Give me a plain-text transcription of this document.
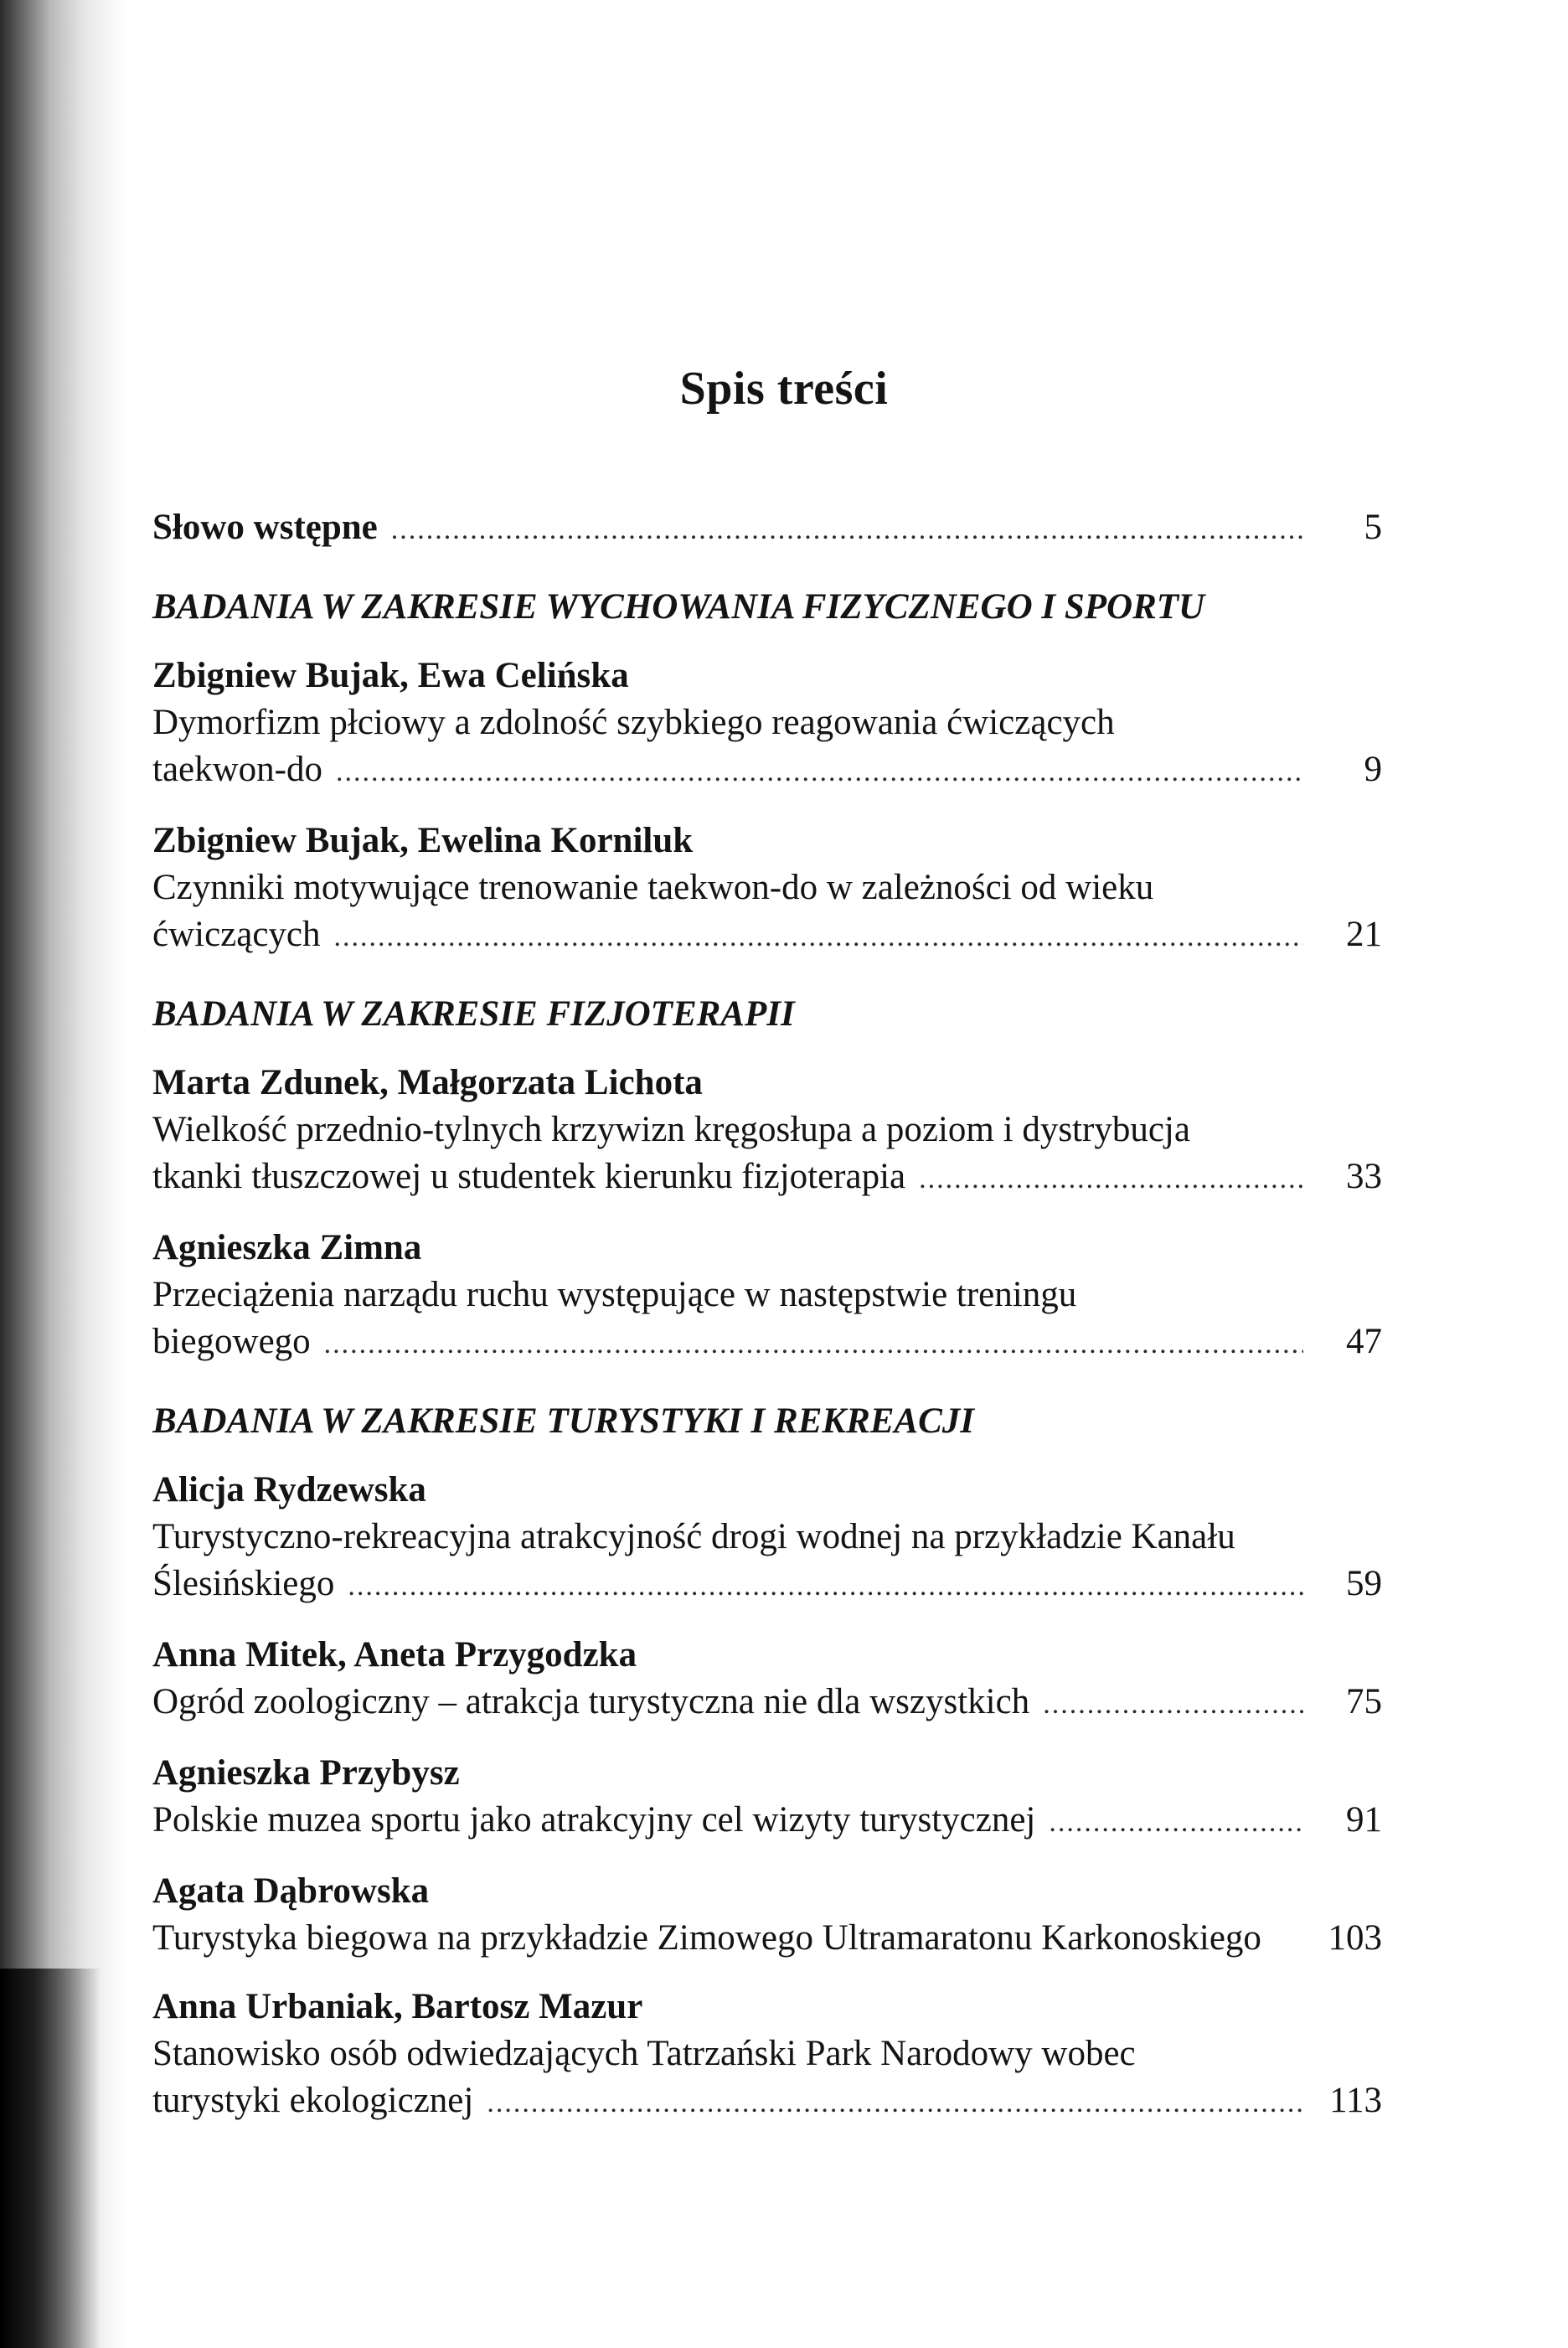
Spis treści
Słowo wstępne .....	5
BADANIA W ZAKRESIE WYCHOWANIA FIZYCZNEGO I SPORTU
Zbigniew Bujak, Ewa Celińska
Dymorfizm płciowy a zdolność szybkiego reagowania ćwiczących
taekwon-do .....	9
Zbigniew Bujak, Ewelina Korniluk
Czynniki motywujące trenowanie taekwon-do w zależności od wieku
ćwiczących .....	21
BADANIA W ZAKRESIE FIZJOTERAPII
Marta Zdunek, Małgorzata Lichota
Wielkość przednio-tylnych krzywizn kręgosłupa a poziom i dystrybucja
tkanki tłuszczowej u studentek kierunku fizjoterapia .....	33
Agnieszka Zimna
Przeciążenia narządu ruchu występujące w następstwie treningu
biegowego .....	47
BADANIA W ZAKRESIE TURYSTYKI I REKREACJI
Alicja Rydzewska
Turystyczno-rekreacyjna atrakcyjność drogi wodnej na przykładzie Kanału
Ślesińskiego .....	59
Anna Mitek, Aneta Przygodzka
Ogród zoologiczny – atrakcja turystyczna nie dla wszystkich .....	75
Agnieszka Przybysz
Polskie muzea sportu jako atrakcyjny cel wizyty turystycznej .....	91
Agata Dąbrowska
Turystyka biegowa na przykładzie Zimowego Ultramaratonu Karkonoskiego	103
Anna Urbaniak, Bartosz Mazur
Stanowisko osób odwiedzających Tatrzański Park Narodowy wobec
turystyki ekologicznej .....	113
